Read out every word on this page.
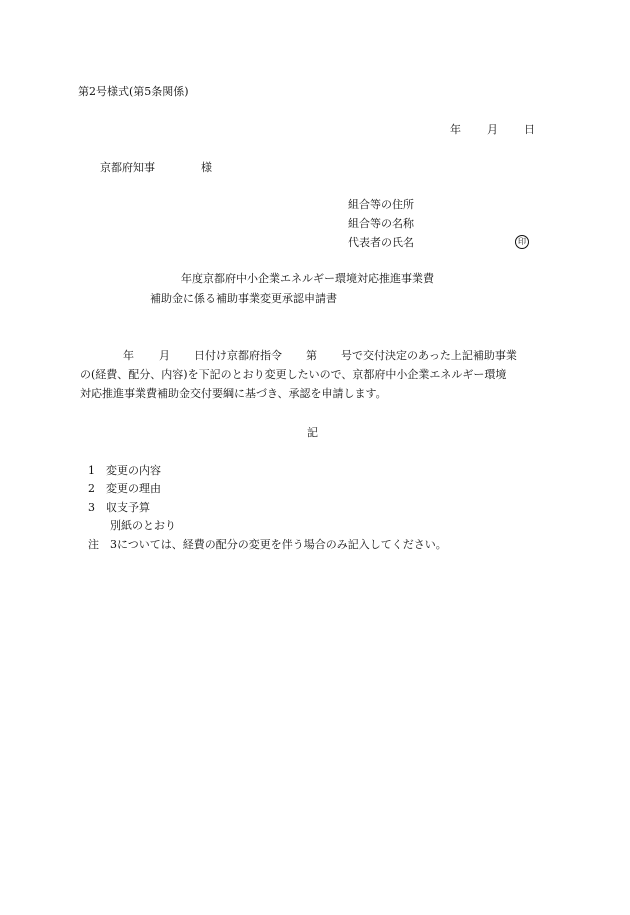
第2号様式(第5条関係)
年 月 日
京都府知事	様
組合等の住所
組合等の名称
代表者の氏名	印
年度京都府中小企業エネルギー環境対応推進事業費
補助金に係る補助事業変更承認申請書
年 月 日付け京都府指令 第 号で交付決定のあった上記補助事業
の(経費、配分、内容)を下記のとおり変更したいので、京都府中小企業エネルギー環境
対応推進事業費補助金交付要綱に基づき、承認を申請します。
記
1 変更の内容
2 変更の理由
3 収支予算
別紙のとおり
注 3については、経費の配分の変更を伴う場合のみ記入してください。
